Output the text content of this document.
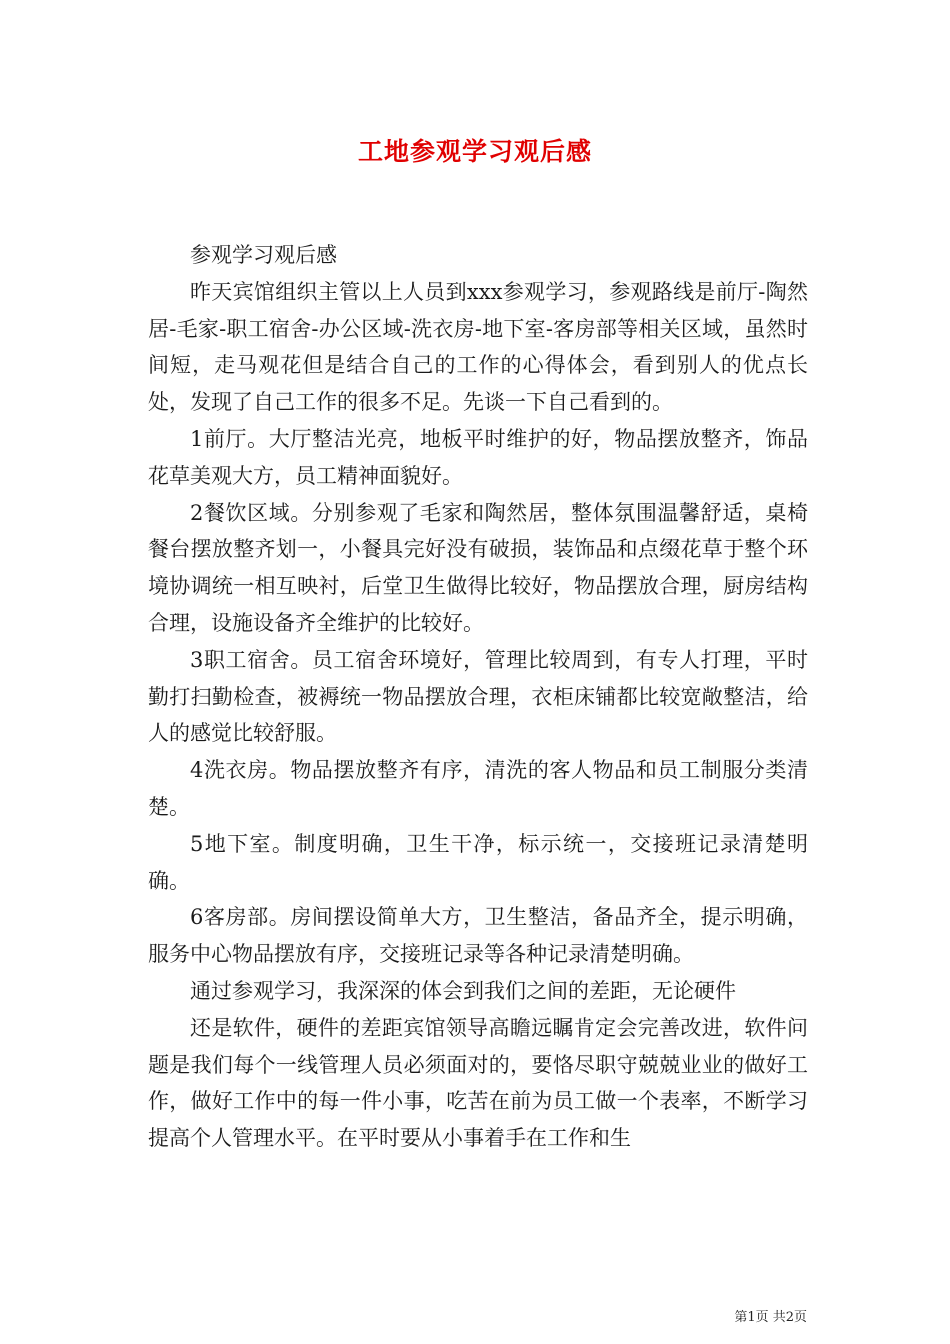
工地参观学习观后感

参观学习观后感

昨天宾馆组织主管以上人员到xxx参观学习，参观路线是前厅-陶然居-毛家-职工宿舍-办公区域-洗衣房-地下室-客房部等相关区域，虽然时间短，走马观花但是结合自己的工作的心得体会，看到别人的优点长处，发现了自己工作的很多不足。先谈一下自己看到的。

1前厅。大厅整洁光亮，地板平时维护的好，物品摆放整齐，饰品花草美观大方，员工精神面貌好。

2餐饮区域。分别参观了毛家和陶然居，整体氛围温馨舒适，桌椅餐台摆放整齐划一，小餐具完好没有破损，装饰品和点缀花草于整个环境协调统一相互映衬，后堂卫生做得比较好，物品摆放合理，厨房结构合理，设施设备齐全维护的比较好。

3职工宿舍。员工宿舍环境好，管理比较周到，有专人打理，平时勤打扫勤检查，被褥统一物品摆放合理，衣柜床铺都比较宽敞整洁，给人的感觉比较舒服。

4洗衣房。物品摆放整齐有序，清洗的客人物品和员工制服分类清楚。

5地下室。制度明确，卫生干净，标示统一，交接班记录清楚明确。

6客房部。房间摆设简单大方，卫生整洁，备品齐全，提示明确，服务中心物品摆放有序，交接班记录等各种记录清楚明确。

通过参观学习，我深深的体会到我们之间的差距，无论硬件

还是软件，硬件的差距宾馆领导高瞻远瞩肯定会完善改进，软件问题是我们每个一线管理人员必须面对的，要恪尽职守兢兢业业的做好工作，做好工作中的每一件小事，吃苦在前为员工做一个表率，不断学习提高个人管理水平。在平时要从小事着手在工作和生

第1页 共2页
